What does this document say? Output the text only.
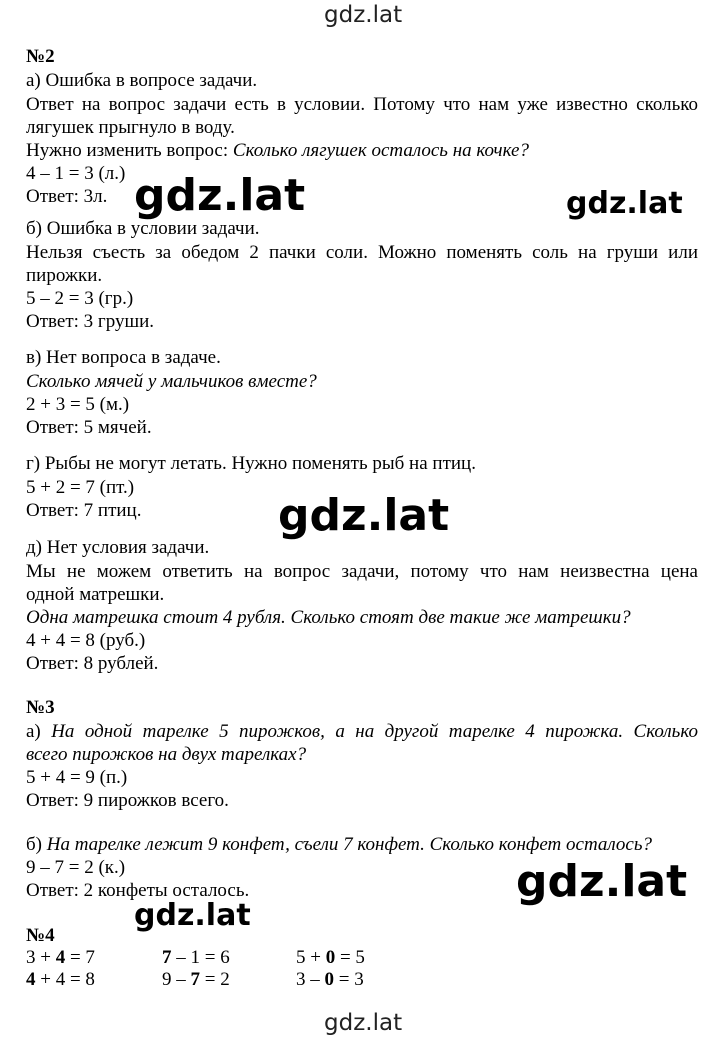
gdz.lat
gdz.lat	gdz.lat
gdz.lat
gdz.lat
gdz.lat
gdz.lat
№2
а) Ошибка в вопросе задачи.
Ответ на вопрос задачи есть в условии. Потому что нам уже известно сколько
лягушек прыгнуло в воду.
Нужно изменить вопрос: Сколько лягушек осталось на кочке?
4 – 1 = 3 (л.)
Ответ: 3л.
б) Ошибка в условии задачи.
Нельзя съесть за обедом 2 пачки соли. Можно поменять соль на груши или
пирожки.
5 – 2 = 3 (гр.)
Ответ: 3 груши.
в) Нет вопроса в задаче.
Сколько мячей у мальчиков вместе?
2 + 3 = 5 (м.)
Ответ: 5 мячей.
г) Рыбы не могут летать. Нужно поменять рыб на птиц.
5 + 2 = 7 (пт.)
Ответ: 7 птиц.
д) Нет условия задачи.
Мы не можем ответить на вопрос задачи, потому что нам неизвестна цена
одной матрешки.
Одна матрешка стоит 4 рубля. Сколько стоят две такие же матрешки?
4 + 4 = 8 (руб.)
Ответ: 8 рублей.
№3
а) На одной тарелке 5 пирожков, а на другой тарелке 4 пирожка. Сколько
всего пирожков на двух тарелках?
5 + 4 = 9 (п.)
Ответ: 9 пирожков всего.
б) На тарелке лежит 9 конфет, съели 7 конфет. Сколько конфет осталось?
9 – 7 = 2 (к.)
Ответ: 2 конфеты осталось.
№4
3 + 4 = 7	7 – 1 = 6	5 + 0 = 5
4 + 4 = 8	9 – 7 = 2	3 – 0 = 3
